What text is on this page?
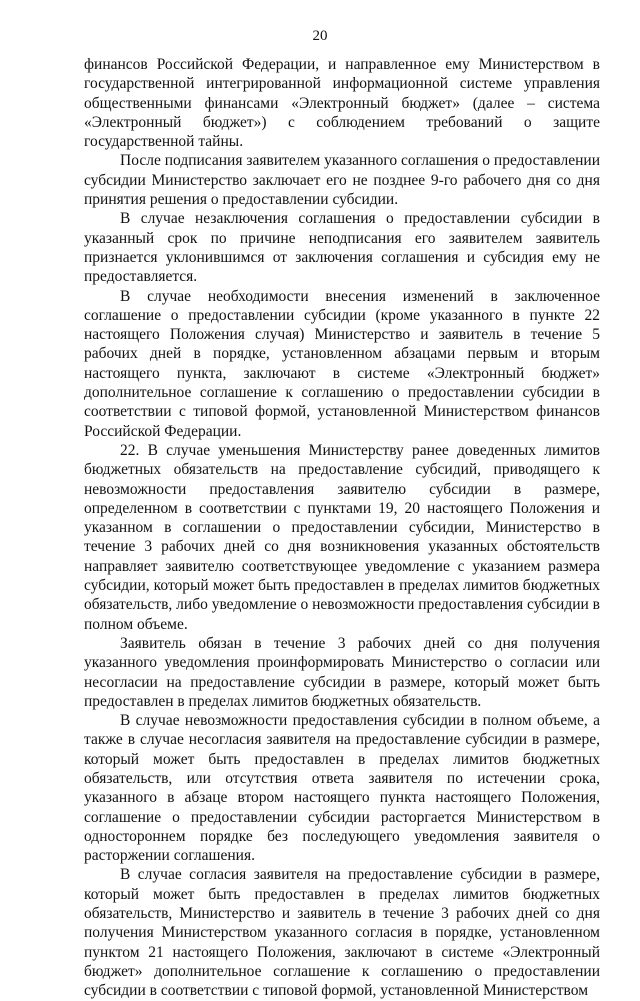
20

финансов Российской Федерации, и направленное ему Министерством в государственной интегрированной информационной системе управления общественными финансами «Электронный бюджет» (далее – система «Электронный бюджет») с соблюдением требований о защите государственной тайны.

После подписания заявителем указанного соглашения о предоставлении субсидии Министерство заключает его не позднее 9-го рабочего дня со дня принятия решения о предоставлении субсидии.

В случае незаключения соглашения о предоставлении субсидии в указанный срок по причине неподписания его заявителем заявитель признается уклонившимся от заключения соглашения и субсидия ему не предоставляется.

В случае необходимости внесения изменений в заключенное соглашение о предоставлении субсидии (кроме указанного в пункте 22 настоящего Положения случая) Министерство и заявитель в течение 5 рабочих дней в порядке, установленном абзацами первым и вторым настоящего пункта, заключают в системе «Электронный бюджет» дополнительное соглашение к соглашению о предоставлении субсидии в соответствии с типовой формой, установленной Министерством финансов Российской Федерации.

22. В случае уменьшения Министерству ранее доведенных лимитов бюджетных обязательств на предоставление субсидий, приводящего к невозможности предоставления заявителю субсидии в размере, определенном в соответствии с пунктами 19, 20 настоящего Положения и указанном в соглашении о предоставлении субсидии, Министерство в течение 3 рабочих дней со дня возникновения указанных обстоятельств направляет заявителю соответствующее уведомление с указанием размера субсидии, который может быть предоставлен в пределах лимитов бюджетных обязательств, либо уведомление о невозможности предоставления субсидии в полном объеме.

Заявитель обязан в течение 3 рабочих дней со дня получения указанного уведомления проинформировать Министерство о согласии или несогласии на предоставление субсидии в размере, который может быть предоставлен в пределах лимитов бюджетных обязательств.

В случае невозможности предоставления субсидии в полном объеме, а также в случае несогласия заявителя на предоставление субсидии в размере, который может быть предоставлен в пределах лимитов бюджетных обязательств, или отсутствия ответа заявителя по истечении срока, указанного в абзаце втором настоящего пункта настоящего Положения, соглашение о предоставлении субсидии расторгается Министерством в одностороннем порядке без последующего уведомления заявителя о расторжении соглашения.

В случае согласия заявителя на предоставление субсидии в размере, который может быть предоставлен в пределах лимитов бюджетных обязательств, Министерство и заявитель в течение 3 рабочих дней со дня получения Министерством указанного согласия в порядке, установленном пунктом 21 настоящего Положения, заключают в системе «Электронный бюджет» дополнительное соглашение к соглашению о предоставлении субсидии в соответствии с типовой формой, установленной Министерством
